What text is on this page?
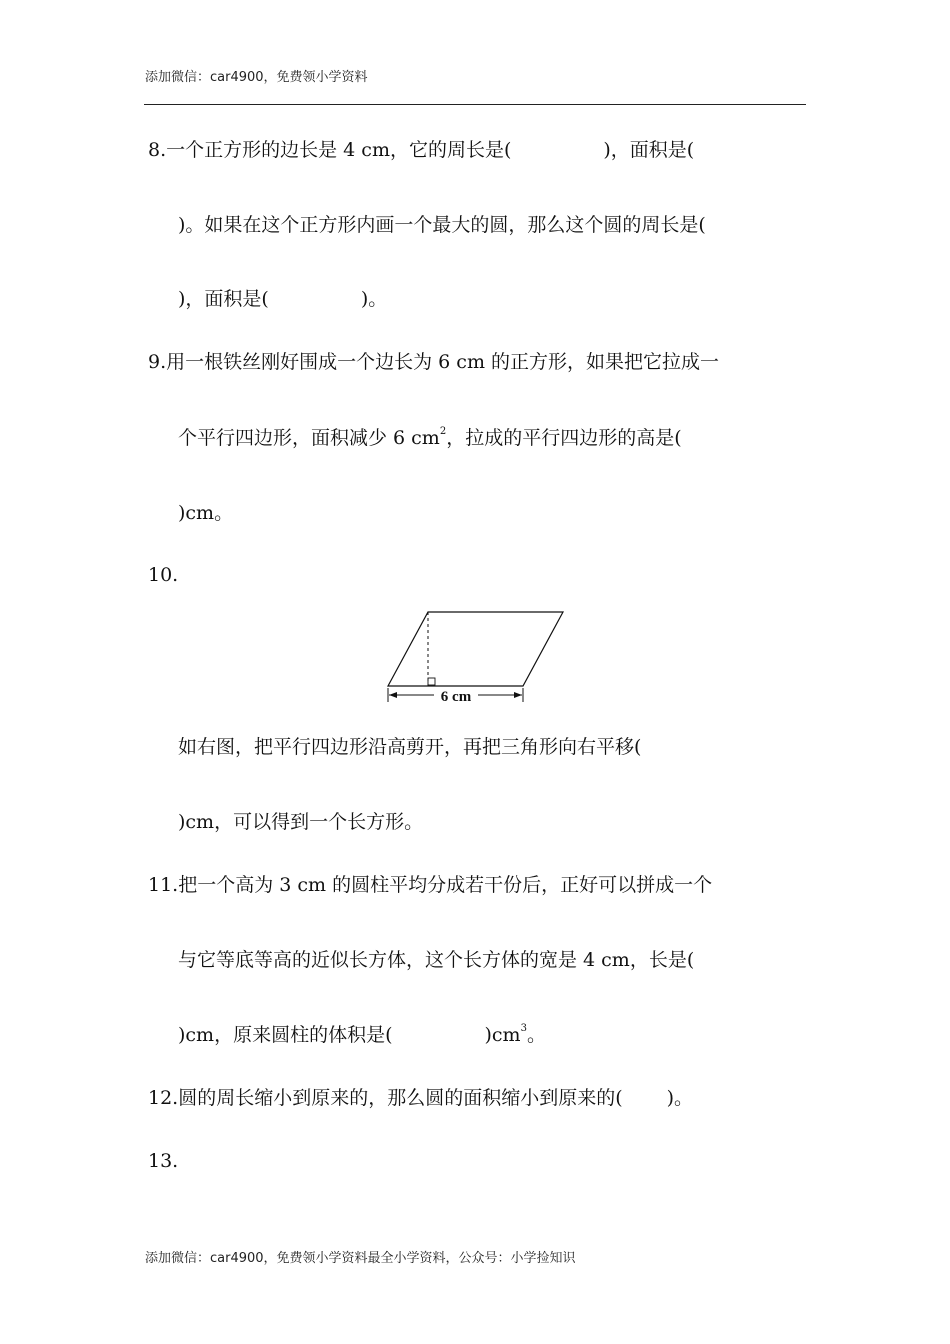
添加微信：car4900，免费领小学资料
8.一个正方形的边长是 4 cm，它的周长是(	)，面积是(
)。如果在这个正方形内画一个最大的圆，那么这个圆的周长是(
)，面积是(	)。
9.用一根铁丝刚好围成一个边长为 6 cm 的正方形，如果把它拉成一
个平行四边形，面积减少 6 $cm^2$，拉成的平行四边形的高是(
)cm。
10.
6 cm
如右图，把平行四边形沿高剪开，再把三角形向右平移(
)cm，可以得到一个长方形。
11.把一个高为 3 cm 的圆柱平均分成若干份后，正好可以拼成一个
与它等底等高的近似长方体，这个长方体的宽是 4 cm，长是(
)cm，原来圆柱的体积是(	)$cm^3$。
12.圆的周长缩小到原来的，那么圆的面积缩小到原来的( )。
13.
添加微信：car4900，免费领小学资料最全小学资料，公众号：小学捡知识
